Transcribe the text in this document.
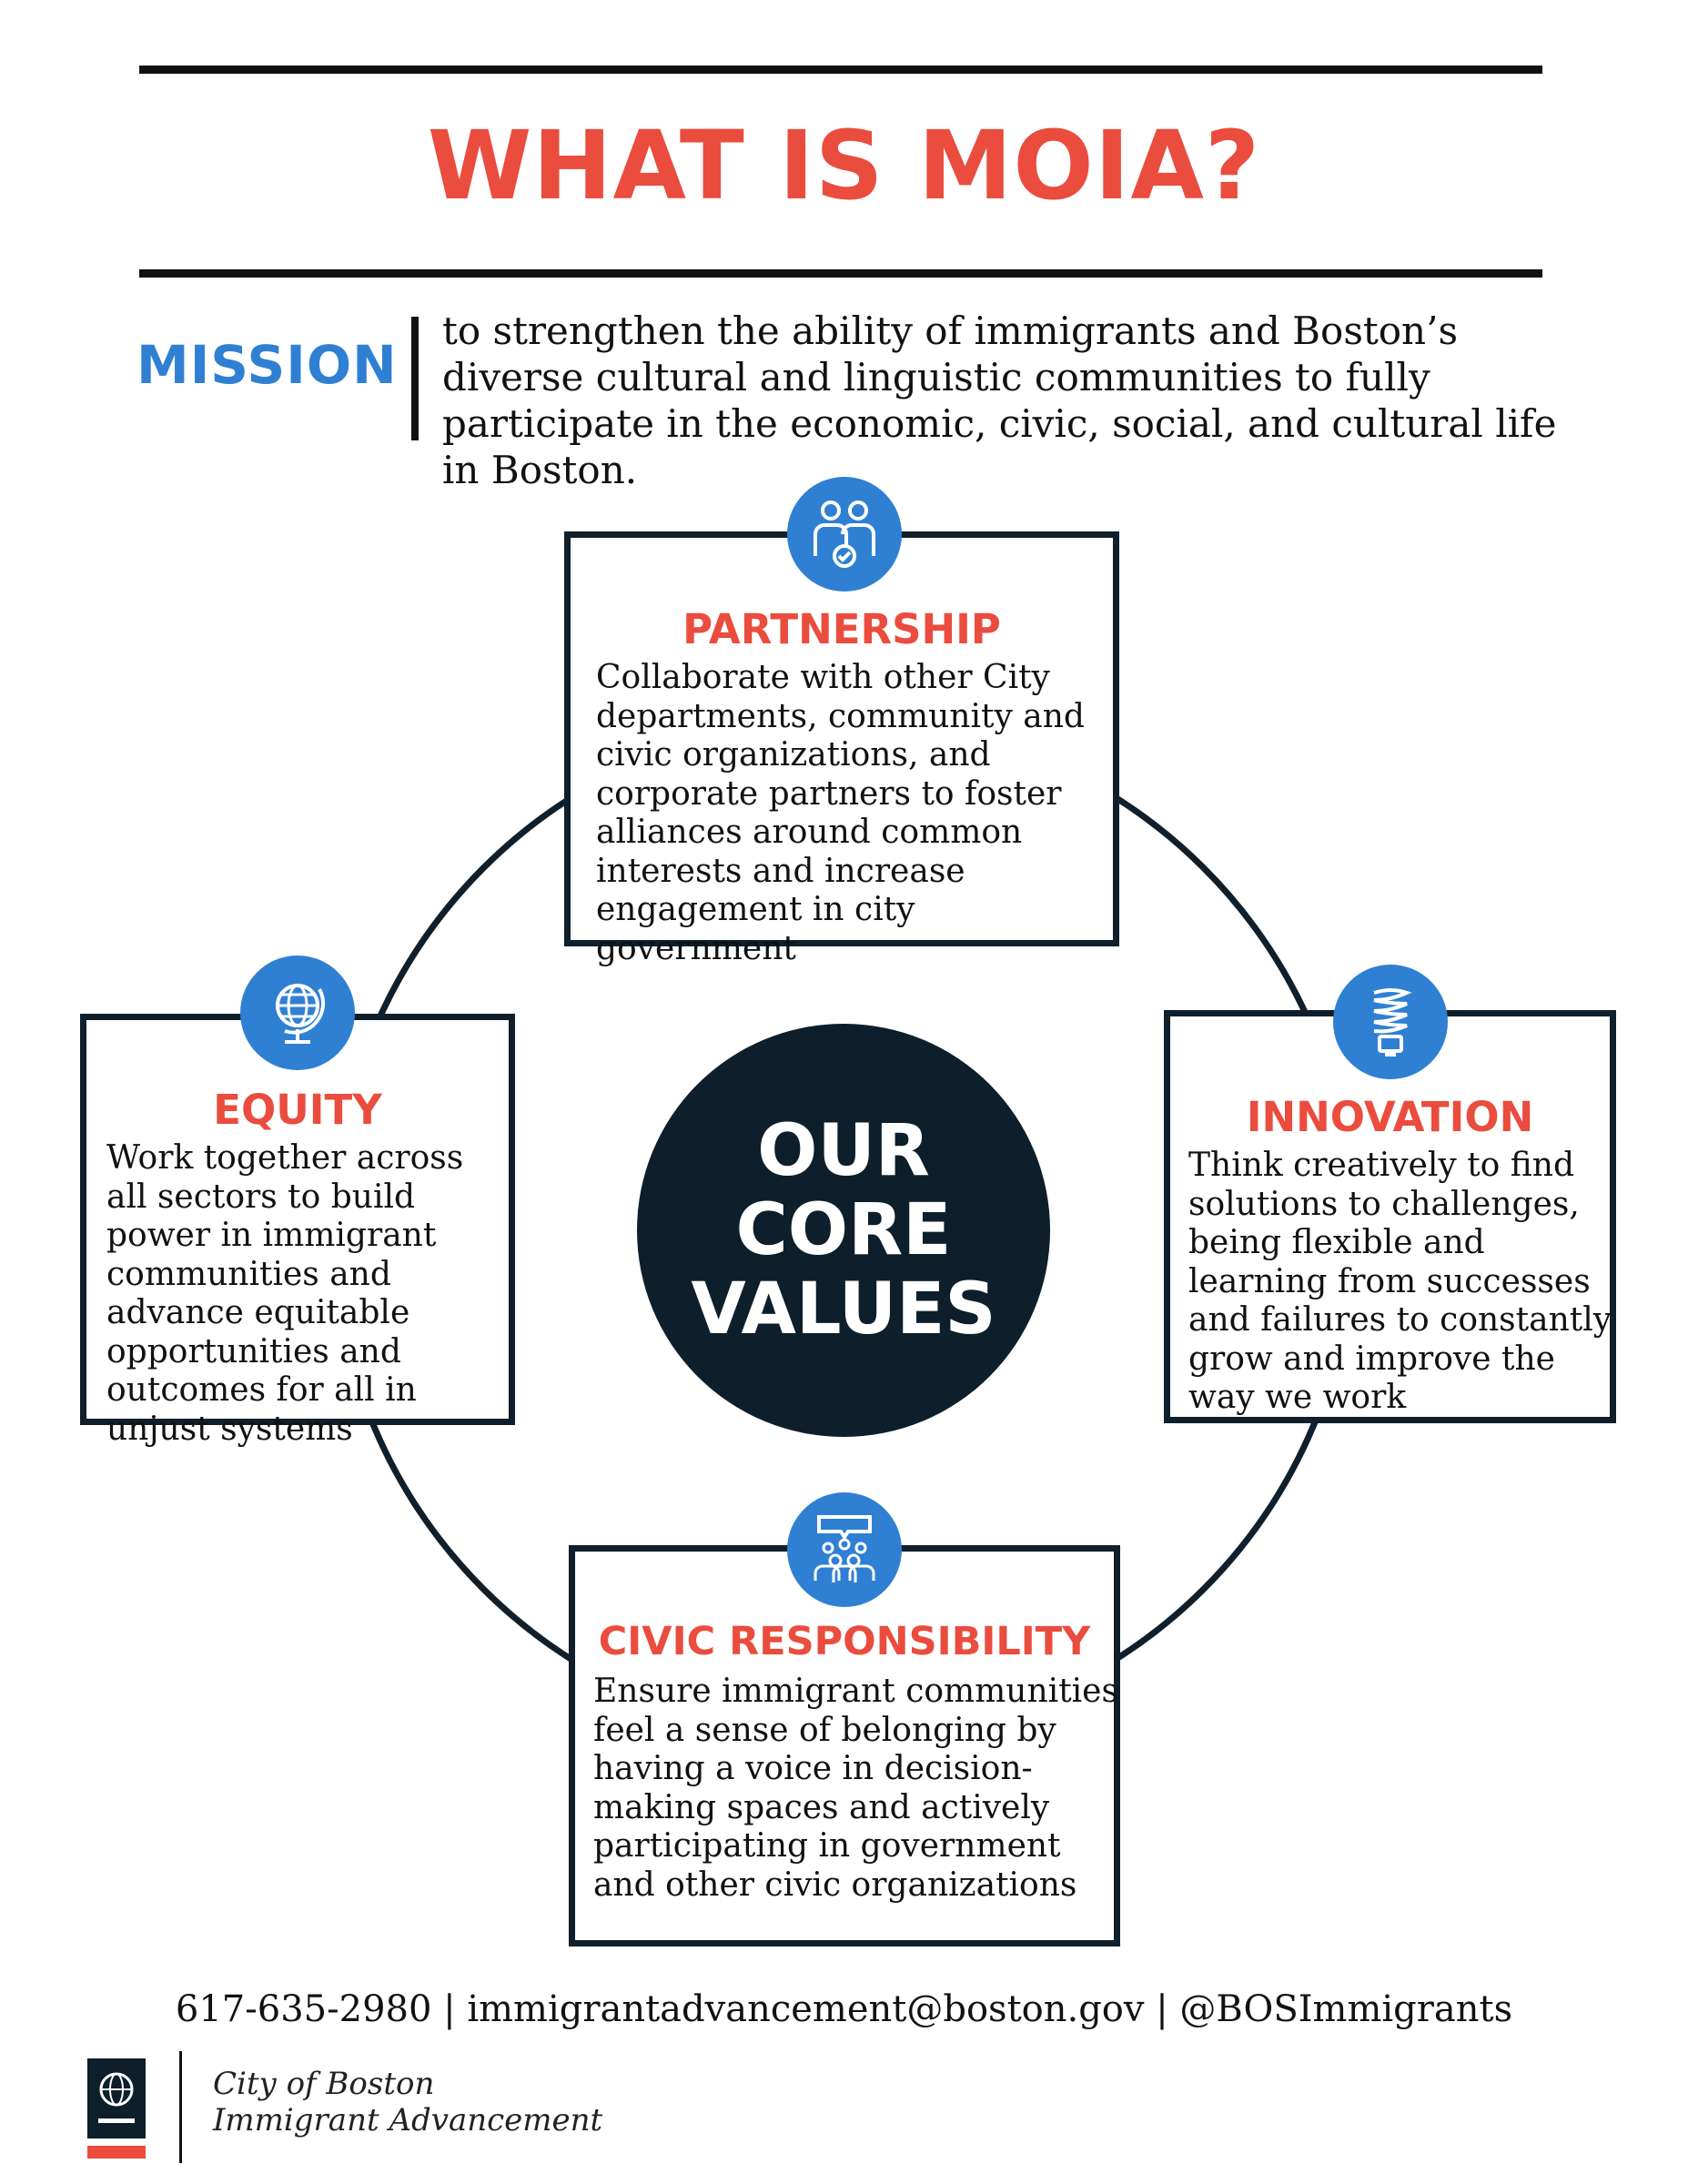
WHAT IS MOIA?
MISSION
to strengthen the ability of immigrants and Boston’s diverse cultural and linguistic communities to fully participate in the economic, civic, social, and cultural life in Boston.
PARTNERSHIP
Collaborate with other City departments, community and civic organizations, and corporate partners to foster alliances around common interests and increase engagement in city government
EQUITY
Work together across all sectors to build power in immigrant communities and advance equitable opportunities and outcomes for all in unjust systems
INNOVATION
Think creatively to find solutions to challenges, being flexible and learning from successes and failures to constantly grow and improve the way we work
CIVIC RESPONSIBILITY
Ensure immigrant communities feel a sense of belonging by having a voice in decision-making spaces and actively participating in government and other civic organizations
OUR
CORE
VALUES
617-635-2980 | immigrantadvancement@boston.gov | @BOSImmigrants
City of Boston
Immigrant Advancement
